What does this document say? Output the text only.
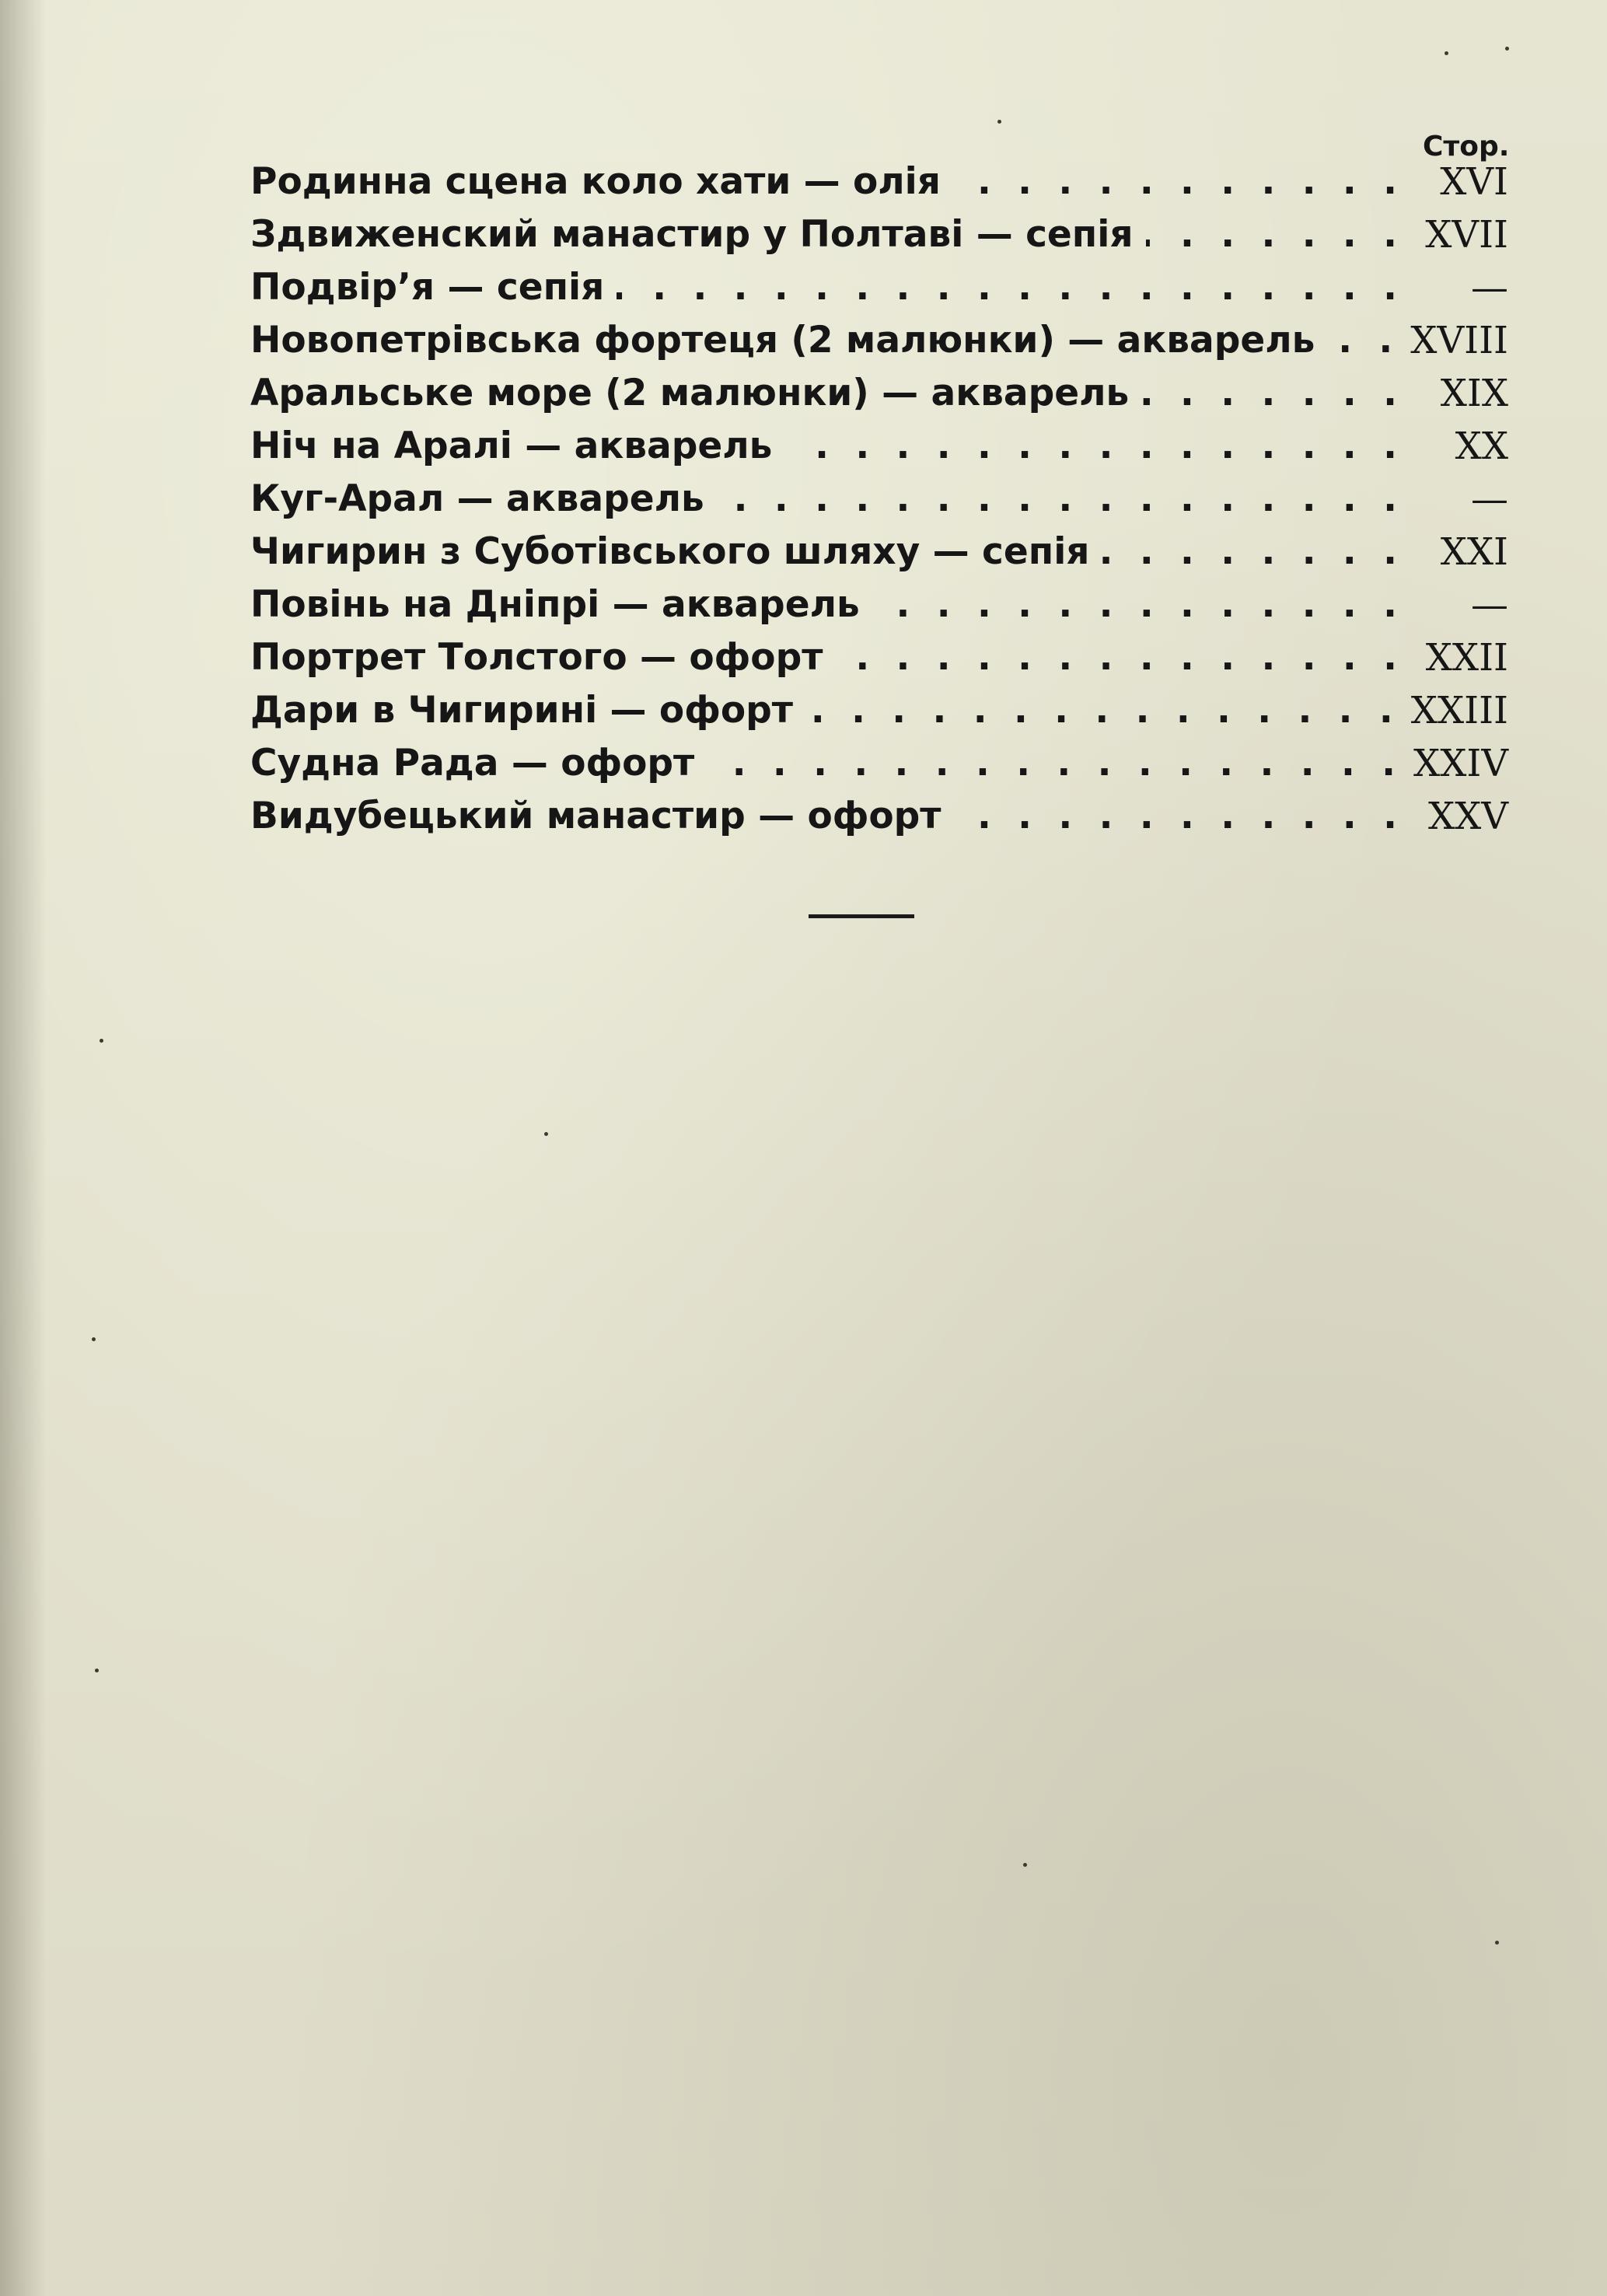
Стор.
Родинна сцена коло хати — олія . . .	XVI
Здвиженский манастир у Полтаві — сепія . . .	XVII
Подвір’я — сепія . . .	—
Новопетрівська фортеця (2 малюнки) — акварель . . .	XVIII
Аральське море (2 малюнки) — акварель . . .	XIX
Ніч на Аралі — акварель . . .	XX
Куг-Арал — акварель . . .	—
Чигирин з Суботівського шляху — сепія . . .	XXI
Повінь на Дніпрі — акварель . . .	—
Портрет Толстого — офорт . . .	XXII
Дари в Чигирині — офорт . . .	XXIII
Судна Рада — офорт . . .	XXIV
Видубецький манастир — офорт . . .	XXV
